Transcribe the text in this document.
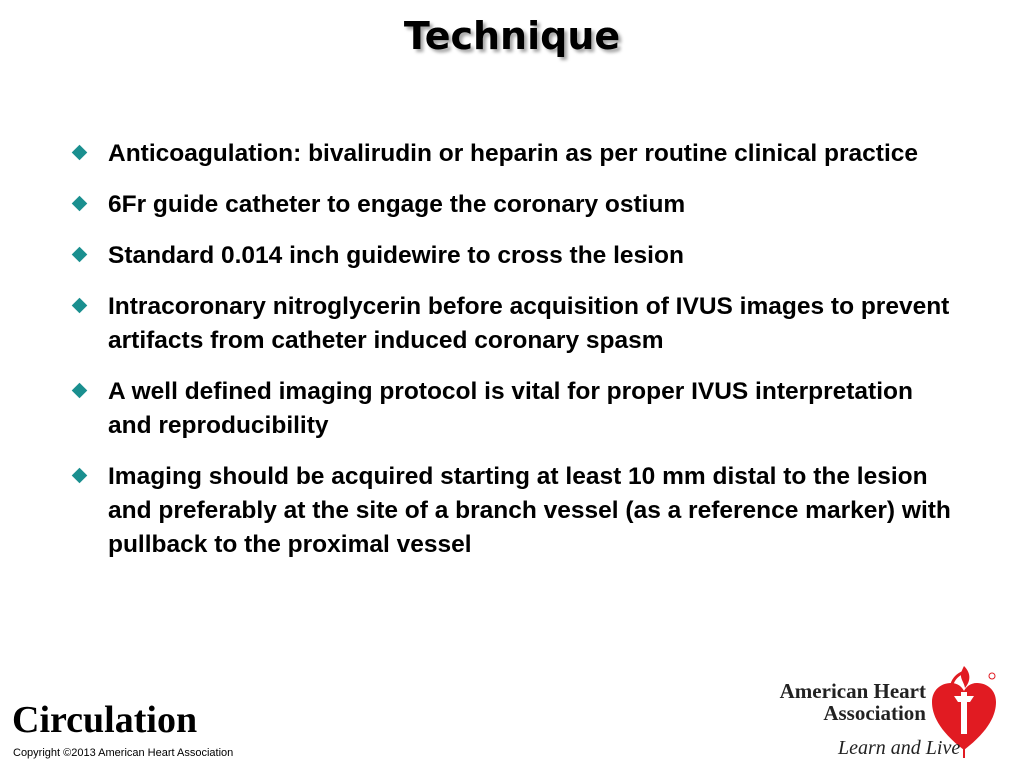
Technique
Anticoagulation: bivalirudin or heparin as per routine clinical practice
6Fr guide catheter to engage the coronary ostium
Standard 0.014 inch guidewire to cross the lesion
Intracoronary nitroglycerin before acquisition of IVUS images to prevent artifacts from catheter induced coronary spasm
A well defined imaging protocol is vital for proper IVUS interpretation and reproducibility
Imaging should be acquired starting at least 10 mm distal to the lesion and preferably at the site of a branch vessel (as a reference marker) with pullback to the proximal vessel
Circulation
Copyright ©2013 American Heart Association
American Heart
Association
Learn and Live
